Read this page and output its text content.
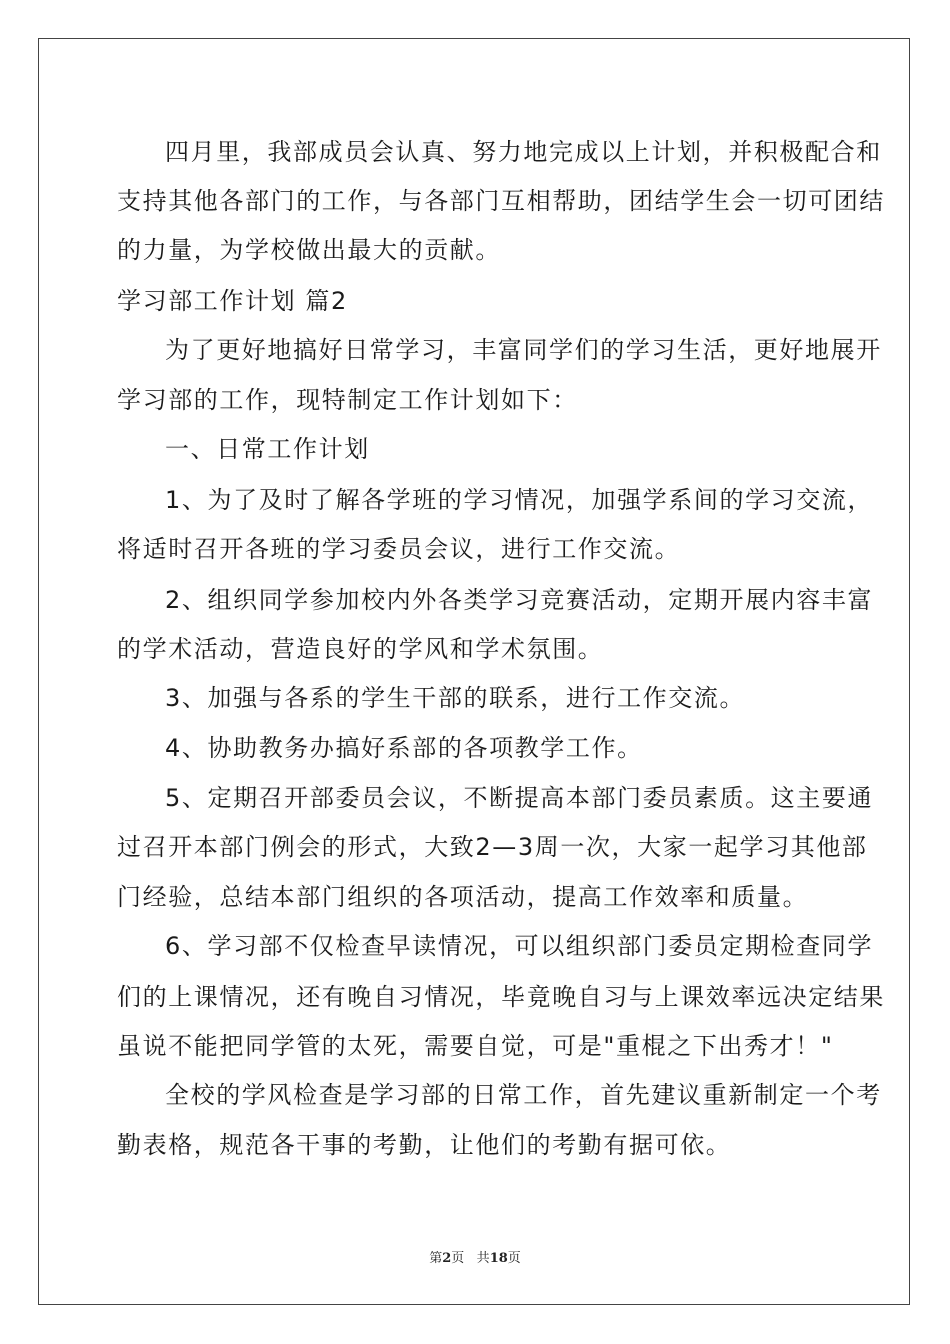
四月里，我部成员会认真、努力地完成以上计划，并积极配合和
支持其他各部门的工作，与各部门互相帮助，团结学生会一切可团结
的力量，为学校做出最大的贡献。
学习部工作计划 篇2
为了更好地搞好日常学习，丰富同学们的学习生活，更好地展开
学习部的工作，现特制定工作计划如下：
一、日常工作计划
1、为了及时了解各学班的学习情况，加强学系间的学习交流，
将适时召开各班的学习委员会议，进行工作交流。
2、组织同学参加校内外各类学习竞赛活动，定期开展内容丰富
的学术活动，营造良好的学风和学术氛围。
3、加强与各系的学生干部的联系，进行工作交流。
4、协助教务办搞好系部的各项教学工作。
5、定期召开部委员会议，不断提高本部门委员素质。这主要通
过召开本部门例会的形式，大致2—3周一次，大家一起学习其他部
门经验，总结本部门组织的各项活动，提高工作效率和质量。
6、学习部不仅检查早读情况，可以组织部门委员定期检查同学
们的上课情况，还有晚自习情况，毕竟晚自习与上课效率远决定结果
虽说不能把同学管的太死，需要自觉，可是"重棍之下出秀才！"
全校的学风检查是学习部的日常工作，首先建议重新制定一个考
勤表格，规范各干事的考勤，让他们的考勤有据可依。
第2页 共18页
